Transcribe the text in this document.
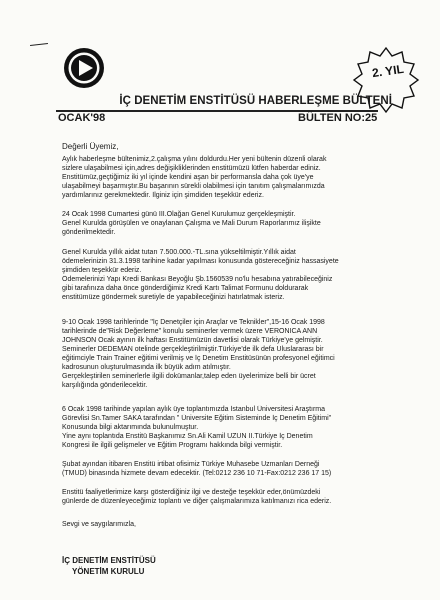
2. YIL
İÇ DENETİM ENSTİTÜSÜ HABERLEŞME BÜLTENİ
OCAK'98	BÜLTEN NO:25
Değerli Üyemiz,
Aylık haberleşme bültenimiz,2.çalışma yılını doldurdu.Her yeni bültenin düzenli olarak
sizlere ulaşabilmesi için,adres değişikliklerinden enstitümüzü lütfen haberdar ediniz.
Enstitümüz,geçtiğimiz iki yıl içinde kendini aşan bir performansla daha çok üye'ye
ulaşabilmeyi başarmıştır.Bu başarının sürekli olabilmesi için tanıtım çalışmalarımızda
yardımlarınız gerekmektedir. İlginiz için şimdiden teşekkür ederiz.
24 Ocak 1998 Cumartesi günü III.Olağan Genel Kurulumuz gerçekleşmiştir.
Genel Kurulda görüşülen ve onaylanan Çalışma ve Mali Durum Raporlarımız ilişikte
gönderilmektedir.
Genel Kurulda yıllık aidat tutarı 7.500.000.-TL.sına yükseltilmiştir.Yıllık aidat
ödemelerinizin 31.3.1998 tarihine kadar yapılması konusunda göstereceğiniz hassasiyete
şimdiden teşekkür ederiz.
Ödemelerinizi Yapı Kredi Bankası Beyoğlu Şb.1560539 no'lu hesabına yatırabileceğiniz
gibi tarafınıza daha önce gönderdiğimiz Kredi Kartı Talimat Formunu doldurarak
enstitümüze göndermek suretiyle de yapabileceğinizi hatırlatmak isteriz.
9-10 Ocak 1998 tarihlerinde "İç Denetçiler için Araçlar ve Teknikler",15-16 Ocak 1998
tarihlerinde de"Risk Değerleme" konulu seminerler vermek üzere VERONICA ANN
JOHNSON Ocak ayının ilk haftası Enstitümüzün davetlisi olarak Türkiye'ye gelmiştir.
Seminerler DEDEMAN otelinde gerçekleştirilmiştir.Türkiye'de ilk defa Uluslararası bir
eğitimciyle Train Trainer eğitimi verilmiş ve İç Denetim Enstitüsünün profesyonel eğitimci
kadrosunun oluşturulmasında ilk büyük adım atılmıştır.
Gerçekleştirilen seminerlerle ilgili dokümanlar,talep eden üyelerimize belli bir ücret
karşılığında gönderilecektir.
6 Ocak 1998 tarihinde yapılan aylık üye toplantımızda İstanbul Üniversitesi Araştırma
Görevlisi Sn.Tamer SAKA tarafından " Üniversite Eğitim Sisteminde İç Denetim Eğitimi"
Konusunda bilgi aktarımında bulunulmuştur.
Yine aynı toplantıda Enstitü Başkanımız Sn.Ali Kamil UZUN II.Türkiye İç Denetim
Kongresi ile ilgili gelişmeler ve Eğitim Programı hakkında bilgi vermiştir.
Şubat ayından itibaren Enstitü irtibat ofisimiz Türkiye Muhasebe Uzmanları Derneği
(TMUD) binasında hizmete devam edecektir. (Tel:0212 236 10 71-Fax:0212 236 17 15)
Enstitü faaliyetlerimize karşı gösterdiğiniz ilgi ve desteğe teşekkür eder,önümüzdeki
günlerde de düzenleyeceğimiz toplantı ve diğer çalışmalarımıza katılmanızı rica ederiz.
Sevgi ve saygılarımızla,
İÇ DENETİM ENSTİTÜSÜ
YÖNETİM KURULU
